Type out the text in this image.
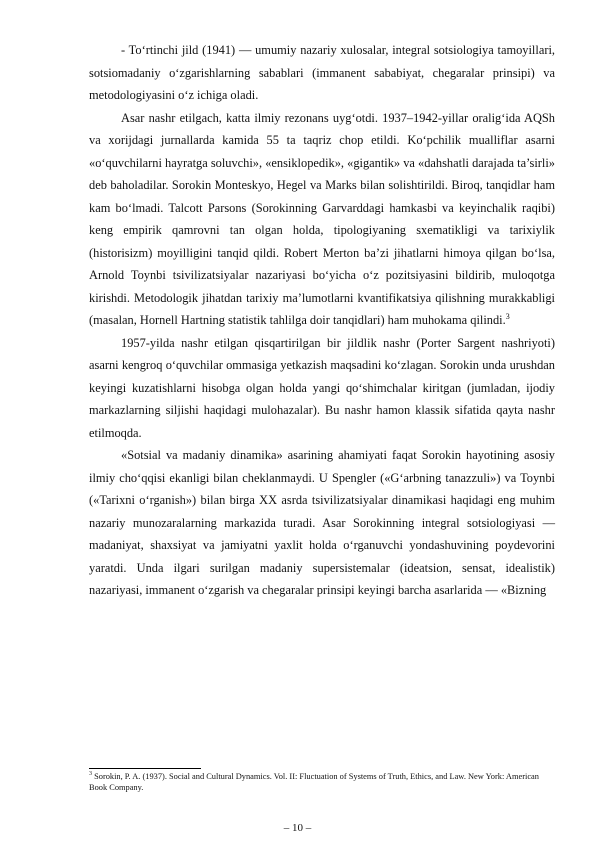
- To‘rtinchi jild (1941) — umumiy nazariy xulosalar, integral sotsiologiya tamoyillari, sotsiomadaniy o‘zgarishlarning sabablari (immanent sababiyat, chegaralar prinsipi) va metodologiyasini o‘z ichiga oladi.

Asar nashr etilgach, katta ilmiy rezonans uyg‘otdi. 1937–1942-yillar oralig‘ida AQSh va xorijdagi jurnallarda kamida 55 ta taqriz chop etildi. Ko‘pchilik mualliflar asarni «o‘quvchilarni hayratga soluvchi», «ensiklopedik», «gigantik» va «dahshatli darajada ta’sirli» deb baholadilar. Sorokin Monteskyo, Hegel va Marks bilan solishtirildi. Biroq, tanqidlar ham kam bo‘lmadi. Talcott Parsons (Sorokinning Garvarddagi hamkasbi va keyinchalik raqibi) keng empirik qamrovni tan olgan holda, tipologiyaning sxematikligi va tarixiylik (historisizm) moyilligini tanqid qildi. Robert Merton ba’zi jihatlarni himoya qilgan bo‘lsa, Arnold Toynbi tsivilizatsiyalar nazariyasi bo‘yicha o‘z pozitsiyasini bildirib, muloqotga kirishdi. Metodologik jihatdan tarixiy ma’lumotlarni kvantifikatsiya qilishning murakkabligi (masalan, Hornell Hartning statistik tahlilga doir tanqidlari) ham muhokama qilindi.$^3$

1957-yilda nashr etilgan qisqartirilgan bir jildlik nashr (Porter Sargent nashriyoti) asarni kengroq o‘quvchilar ommasiga yetkazish maqsadini ko‘zlagan. Sorokin unda urushdan keyingi kuzatishlarni hisobga olgan holda yangi qo‘shimchalar kiritgan (jumladan, ijodiy markazlarning siljishi haqidagi mulohazalar). Bu nashr hamon klassik sifatida qayta nashr etilmoqda.

«Sotsial va madaniy dinamika» asarining ahamiyati faqat Sorokin hayotining asosiy ilmiy cho‘qqisi ekanligi bilan cheklanmaydi. U Spengler («G‘arbning tanazzuli») va Toynbi («Tarixni o‘rganish») bilan birga XX asrda tsivilizatsiyalar dinamikasi haqidagi eng muhim nazariy munozaralarning markazida turadi. Asar Sorokinning integral sotsiologiyasi — madaniyat, shaxsiyat va jamiyatni yaxlit holda o‘rganuvchi yondashuvining poydevorini yaratdi. Unda ilgari surilgan madaniy supersistemalar (ideatsion, sensat, idealistik) nazariyasi, immanent o‘zgarish va chegaralar prinsipi keyingi barcha asarlarida — «Bizning

$^3$ Sorokin, P. A. (1937). Social and Cultural Dynamics. Vol. II: Fluctuation of Systems of Truth, Ethics, and Law. New York: American Book Company.
– 10 –
